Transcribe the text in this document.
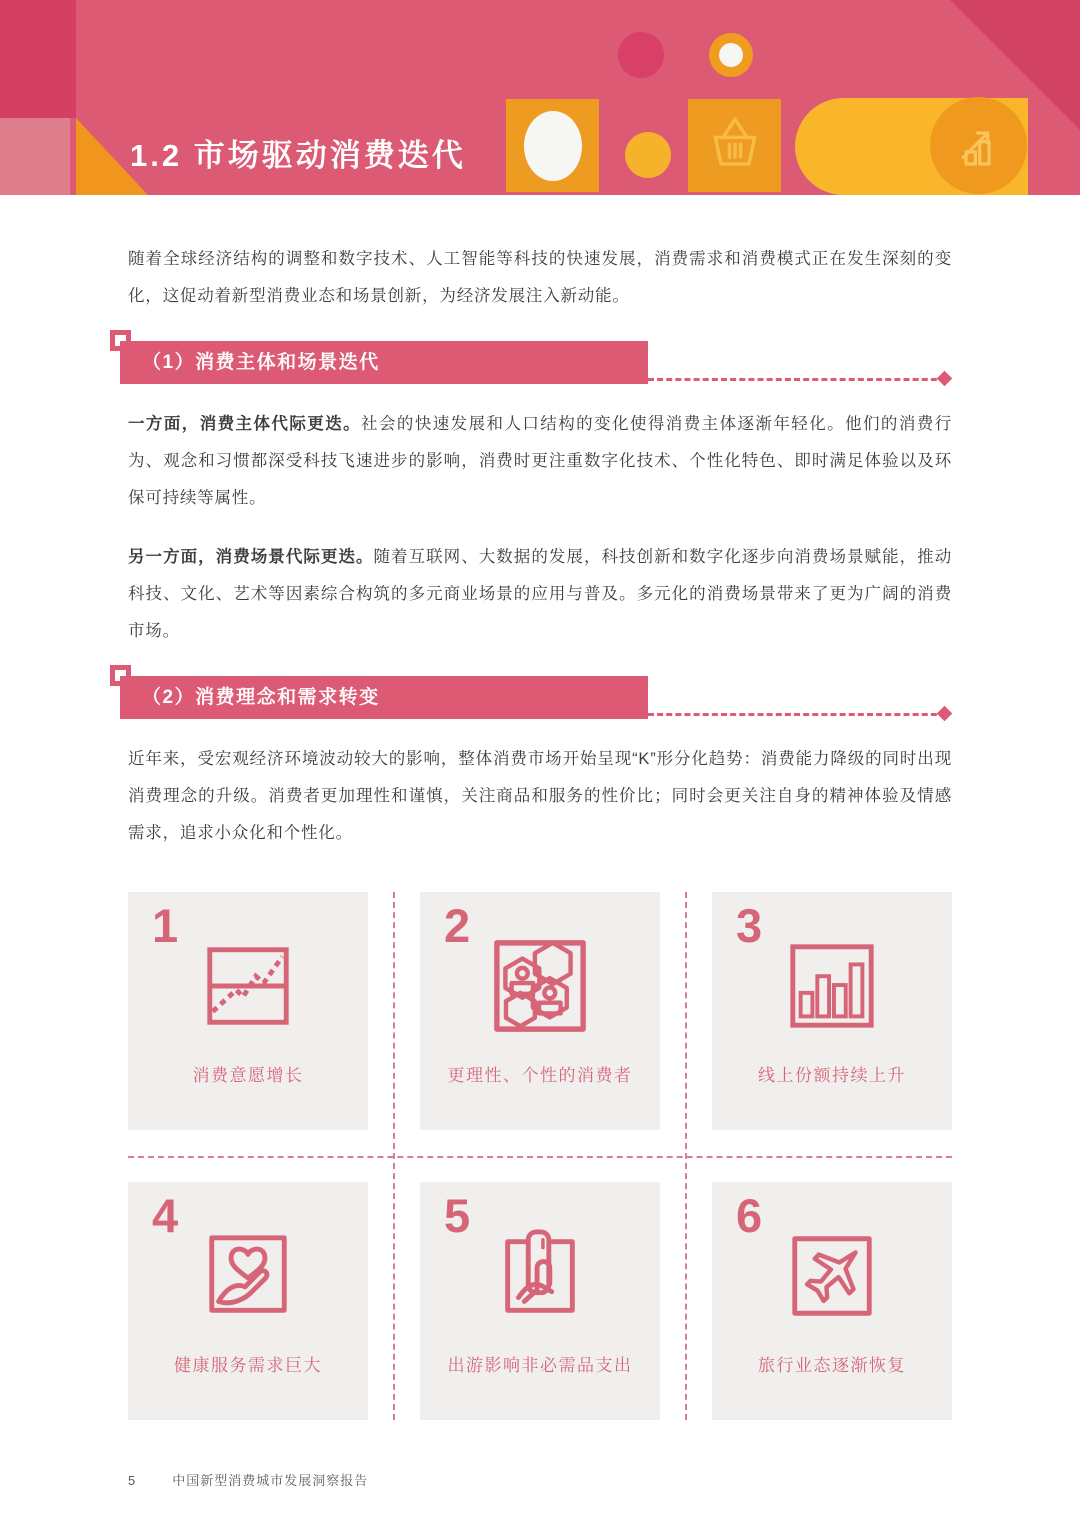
1.2 市场驱动消费迭代

随着全球经济结构的调整和数字技术、人工智能等科技的快速发展，消费需求和消费模式正在发生深刻的变化，这促动着新型消费业态和场景创新，为经济发展注入新动能。

（1）消费主体和场景迭代

一方面，消费主体代际更迭。社会的快速发展和人口结构的变化使得消费主体逐渐年轻化。他们的消费行为、观念和习惯都深受科技飞速进步的影响，消费时更注重数字化技术、个性化特色、即时满足体验以及环保可持续等属性。

另一方面，消费场景代际更迭。随着互联网、大数据的发展，科技创新和数字化逐步向消费场景赋能，推动科技、文化、艺术等因素综合构筑的多元商业场景的应用与普及。多元化的消费场景带来了更为广阔的消费市场。

（2）消费理念和需求转变

近年来，受宏观经济环境波动较大的影响，整体消费市场开始呈现“K”形分化趋势：消费能力降级的同时出现消费理念的升级。消费者更加理性和谨慎，关注商品和服务的性价比；同时会更关注自身的精神体验及情感需求，追求小众化和个性化。

1
消费意愿增长
2
更理性、个性的消费者
3
线上份额持续上升
4
健康服务需求巨大
5
出游影响非必需品支出
6
旅行业态逐渐恢复
5	中国新型消费城市发展洞察报告
